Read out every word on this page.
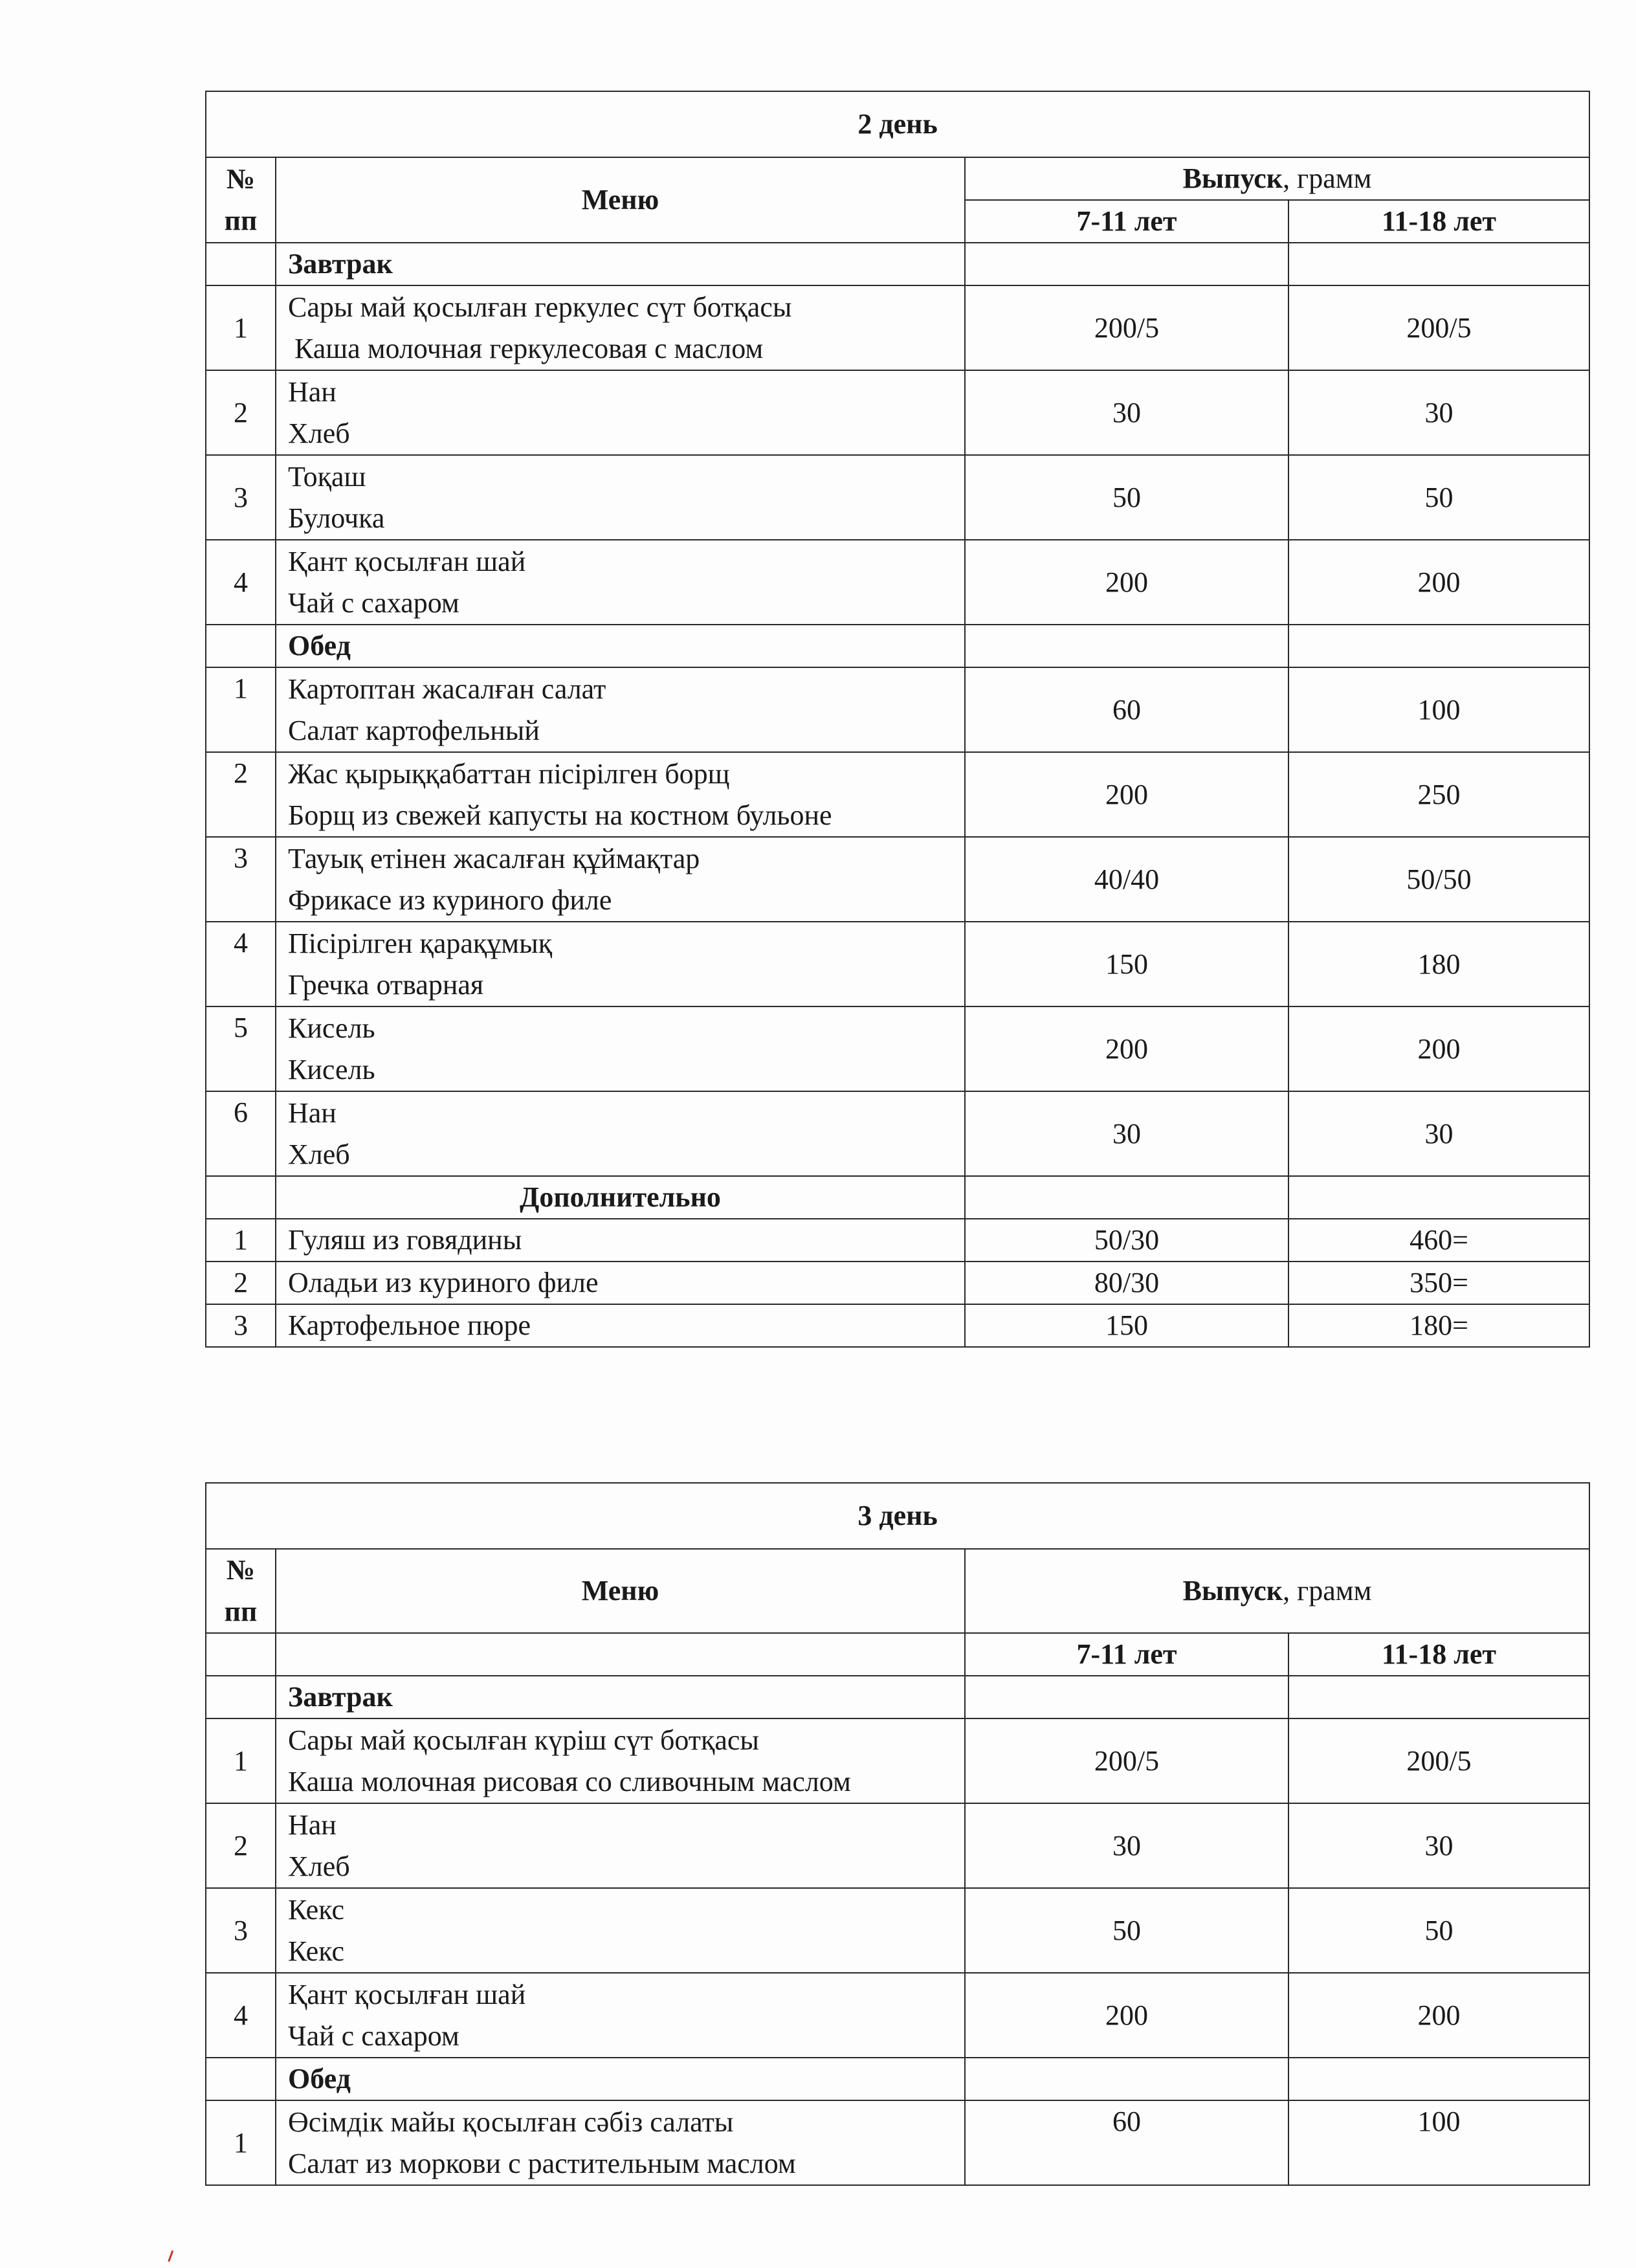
2 день			

№
пп	Меню	Выпуск, грамм	
		7-11 лет	11-18 лет
	Завтрак		
1	Сары май қосылған геркулес сүт ботқасы
Каша молочная геркулесовая с маслом	200/5	200/5
2	Нан
Хлеб	30	30
3	Тоқаш
Булочка	50	50
4	Қант қосылған шай
Чай с сахаром	200	200
	Обед		
1	Картоптан жасалған салат
Салат картофельный	60	100
2	Жас қырыққабаттан пісірілген борщ
Борщ из свежей капусты на костном бульоне	200	250
3	Тауық етінен жасалған құймақтар
Фрикасе из куриного филе	40/40	50/50
4	Пісірілген қарақұмық
Гречка отварная	150	180
5	Кисель
Кисель	200	200
6	Нан
Хлеб	30	30
	Дополнительно		
1	Гуляш из говядины	50/30	460=
2	Оладьи из куриного филе	80/30	350=
3	Картофельное пюре	150	180=
3 день			

№
пп	Меню	Выпуск, грамм	
		7-11 лет	11-18 лет
	Завтрак		
1	Сары май қосылған күріш сүт ботқасы
Каша молочная рисовая со сливочным маслом	200/5	200/5
2	Нан
Хлеб	30	30
3	Кекс
Кекс	50	50
4	Қант қосылған шай
Чай с сахаром	200	200
	Обед		
1	Өсімдік майы қосылған сәбіз салаты
Салат из моркови с растительным маслом	60	100
